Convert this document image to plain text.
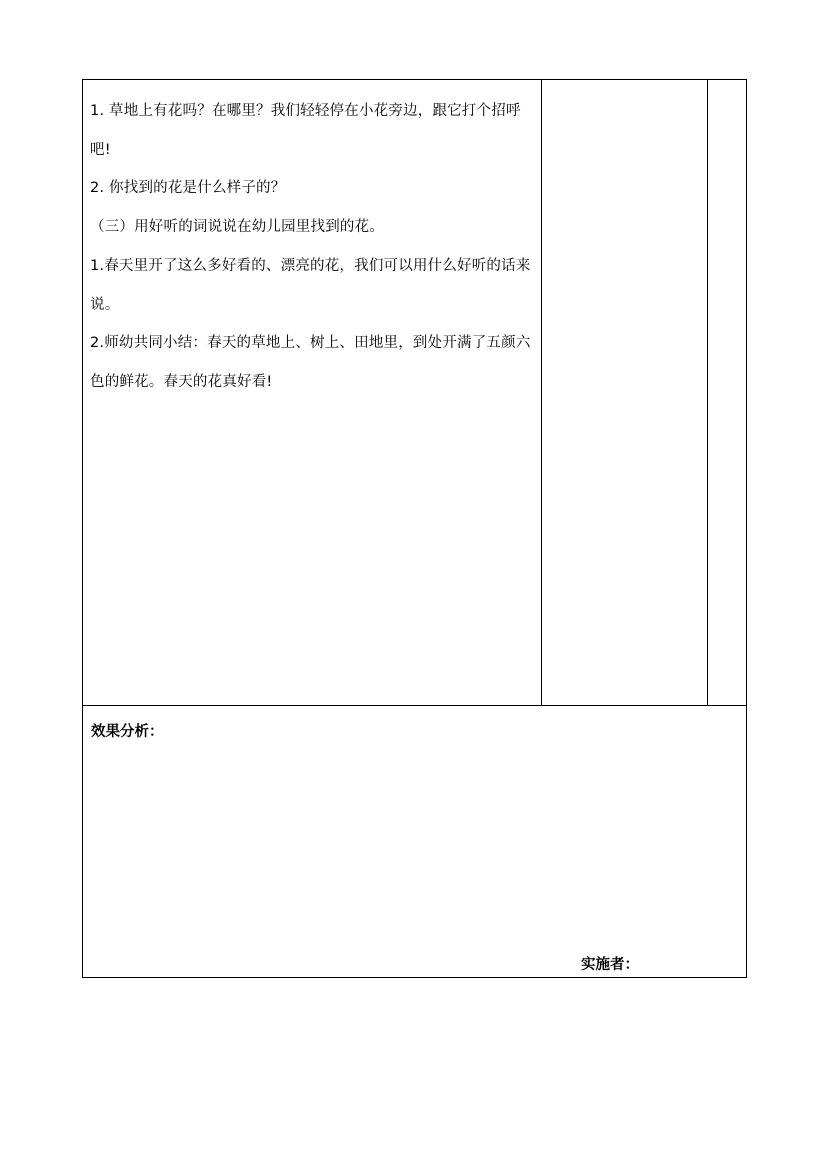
1. 草地上有花吗？在哪里？我们轻轻停在小花旁边，跟它打个招呼吧!

2. 你找到的花是什么样子的？

（三）用好听的词说说在幼儿园里找到的花。

1.春天里开了这么多好看的、漂亮的花，我们可以用什么好听的话来说。

2.师幼共同小结：春天的草地上、树上、田地里，到处开满了五颜六色的鲜花。春天的花真好看!

效果分析：
实施者：
